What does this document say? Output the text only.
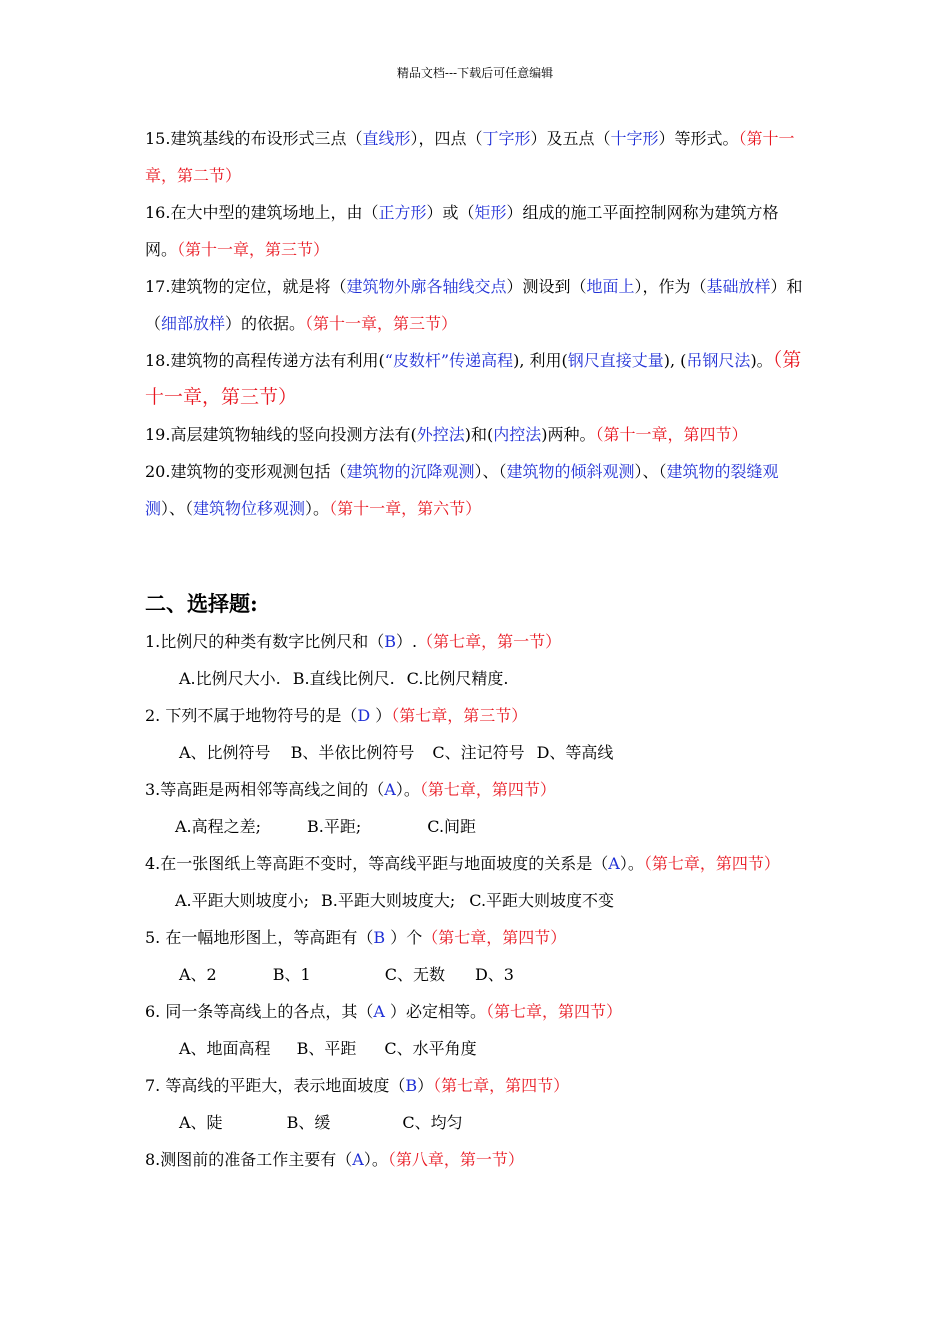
精品文档---下载后可任意编辑

15.建筑基线的布设形式三点（直线形），四点（丁字形）及五点（十字形）等形式。（第十一章，第二节）

16.在大中型的建筑场地上，由（正方形）或（矩形）组成的施工平面控制网称为建筑方格网。（第十一章，第三节）

17.建筑物的定位，就是将（建筑物外廓各轴线交点）测设到（地面上），作为（基础放样）和（细部放样）的依据。（第十一章，第三节）

18.建筑物的高程传递方法有利用(“皮数杆”传递高程), 利用(钢尺直接丈量), (吊钢尺法)。（第十一章，第三节）

19.高层建筑物轴线的竖向投测方法有(外控法)和(内控法)两种。（第十一章，第四节）

20.建筑物的变形观测包括（建筑物的沉降观测）、（建筑物的倾斜观测）、（建筑物的裂缝观测）、（建筑物位移观测）。（第十一章，第六节）

二、选择题:

1.比例尺的种类有数字比例尺和（B）.（第七章，第一节）

A.比例尺大小. B.直线比例尺. C.比例尺精度.

2. 下列不属于地物符号的是（D ）（第七章，第三节）

A、比例符号 B、半依比例符号 C、注记符号 D、等高线

3.等高距是两相邻等高线之间的（A）。（第七章，第四节）

A.高程之差;	B.平距;	C.间距

4.在一张图纸上等高距不变时，等高线平距与地面坡度的关系是（A）。（第七章，第四节）

A.平距大则坡度小; B.平距大则坡度大; C.平距大则坡度不变

5. 在一幅地形图上，等高距有（B ）个（第七章，第四节）

A、2	B、1	C、无数 D、3

6. 同一条等高线上的各点，其（A ）必定相等。（第七章，第四节）

A、地面高程 B、平距 C、水平角度

7. 等高线的平距大，表示地面坡度（B）（第七章，第四节）

A、陡	B、缓	C、均匀

8.测图前的准备工作主要有（A）。（第八章，第一节）
